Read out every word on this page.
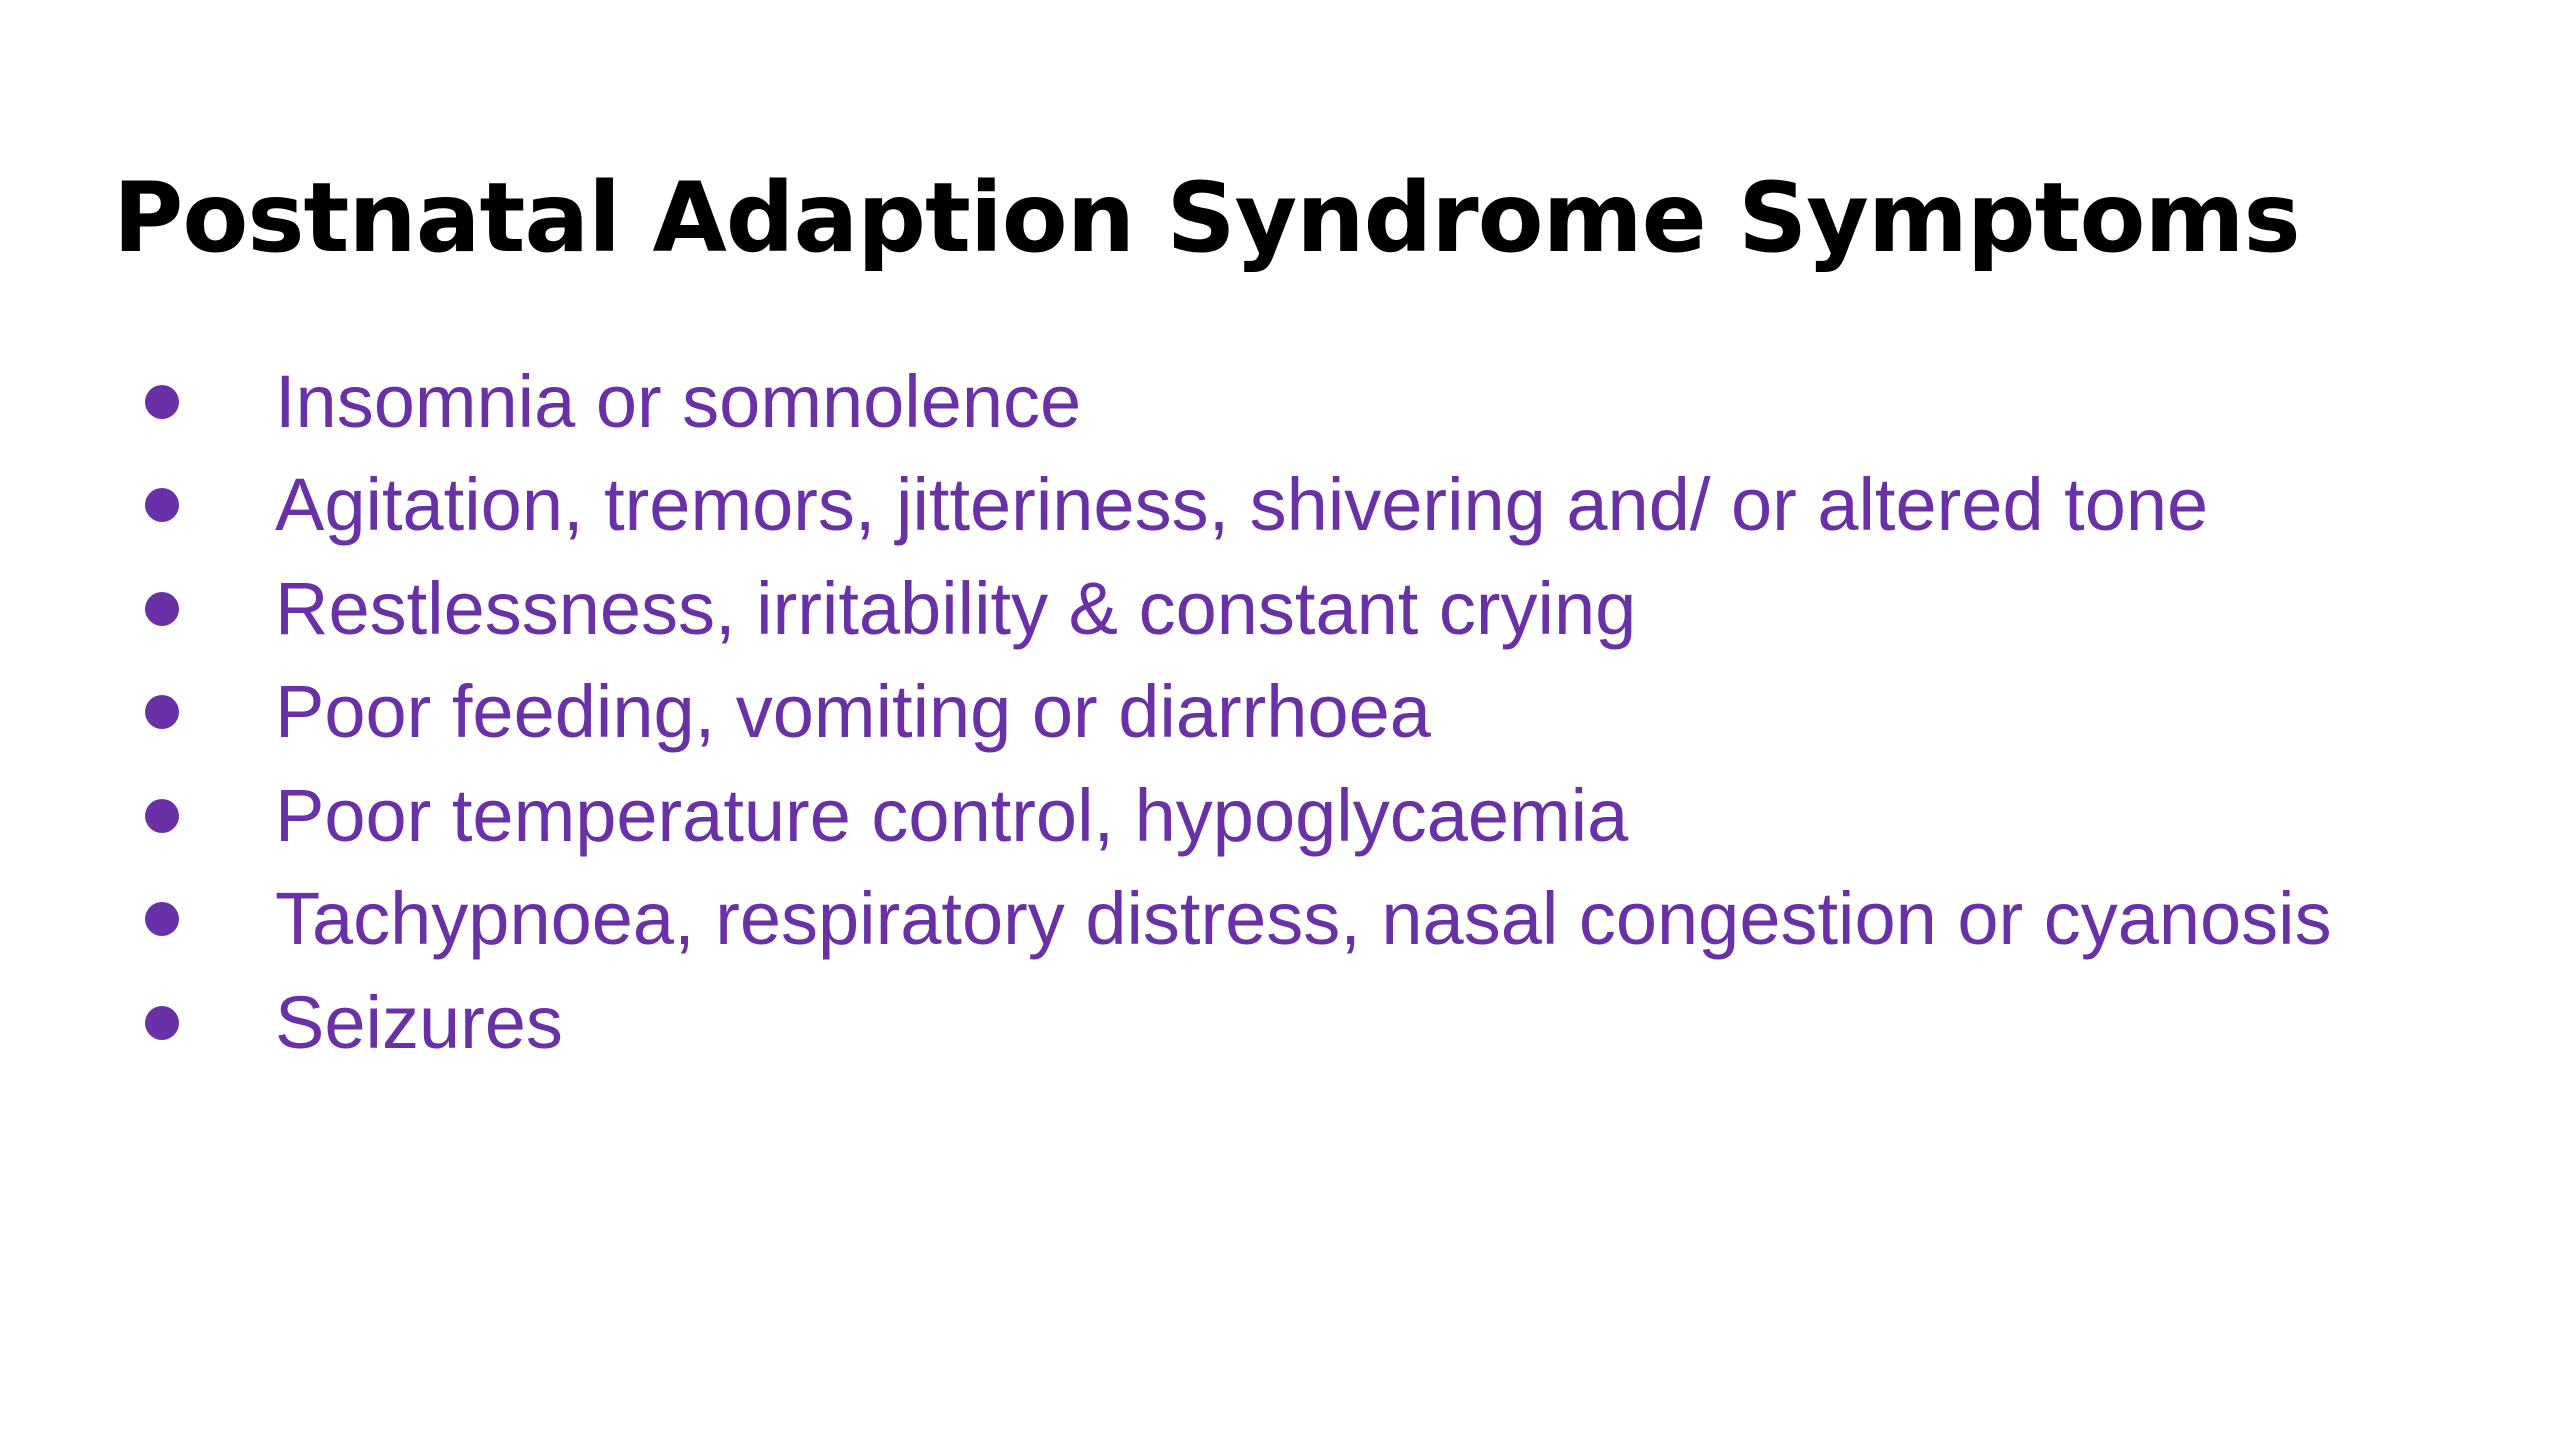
Postnatal Adaption Syndrome Symptoms
Insomnia or somnolence
Agitation, tremors, jitteriness, shivering and/ or altered tone
Restlessness, irritability & constant crying
Poor feeding, vomiting or diarrhoea
Poor temperature control, hypoglycaemia
Tachypnoea, respiratory distress, nasal congestion or cyanosis
Seizures
